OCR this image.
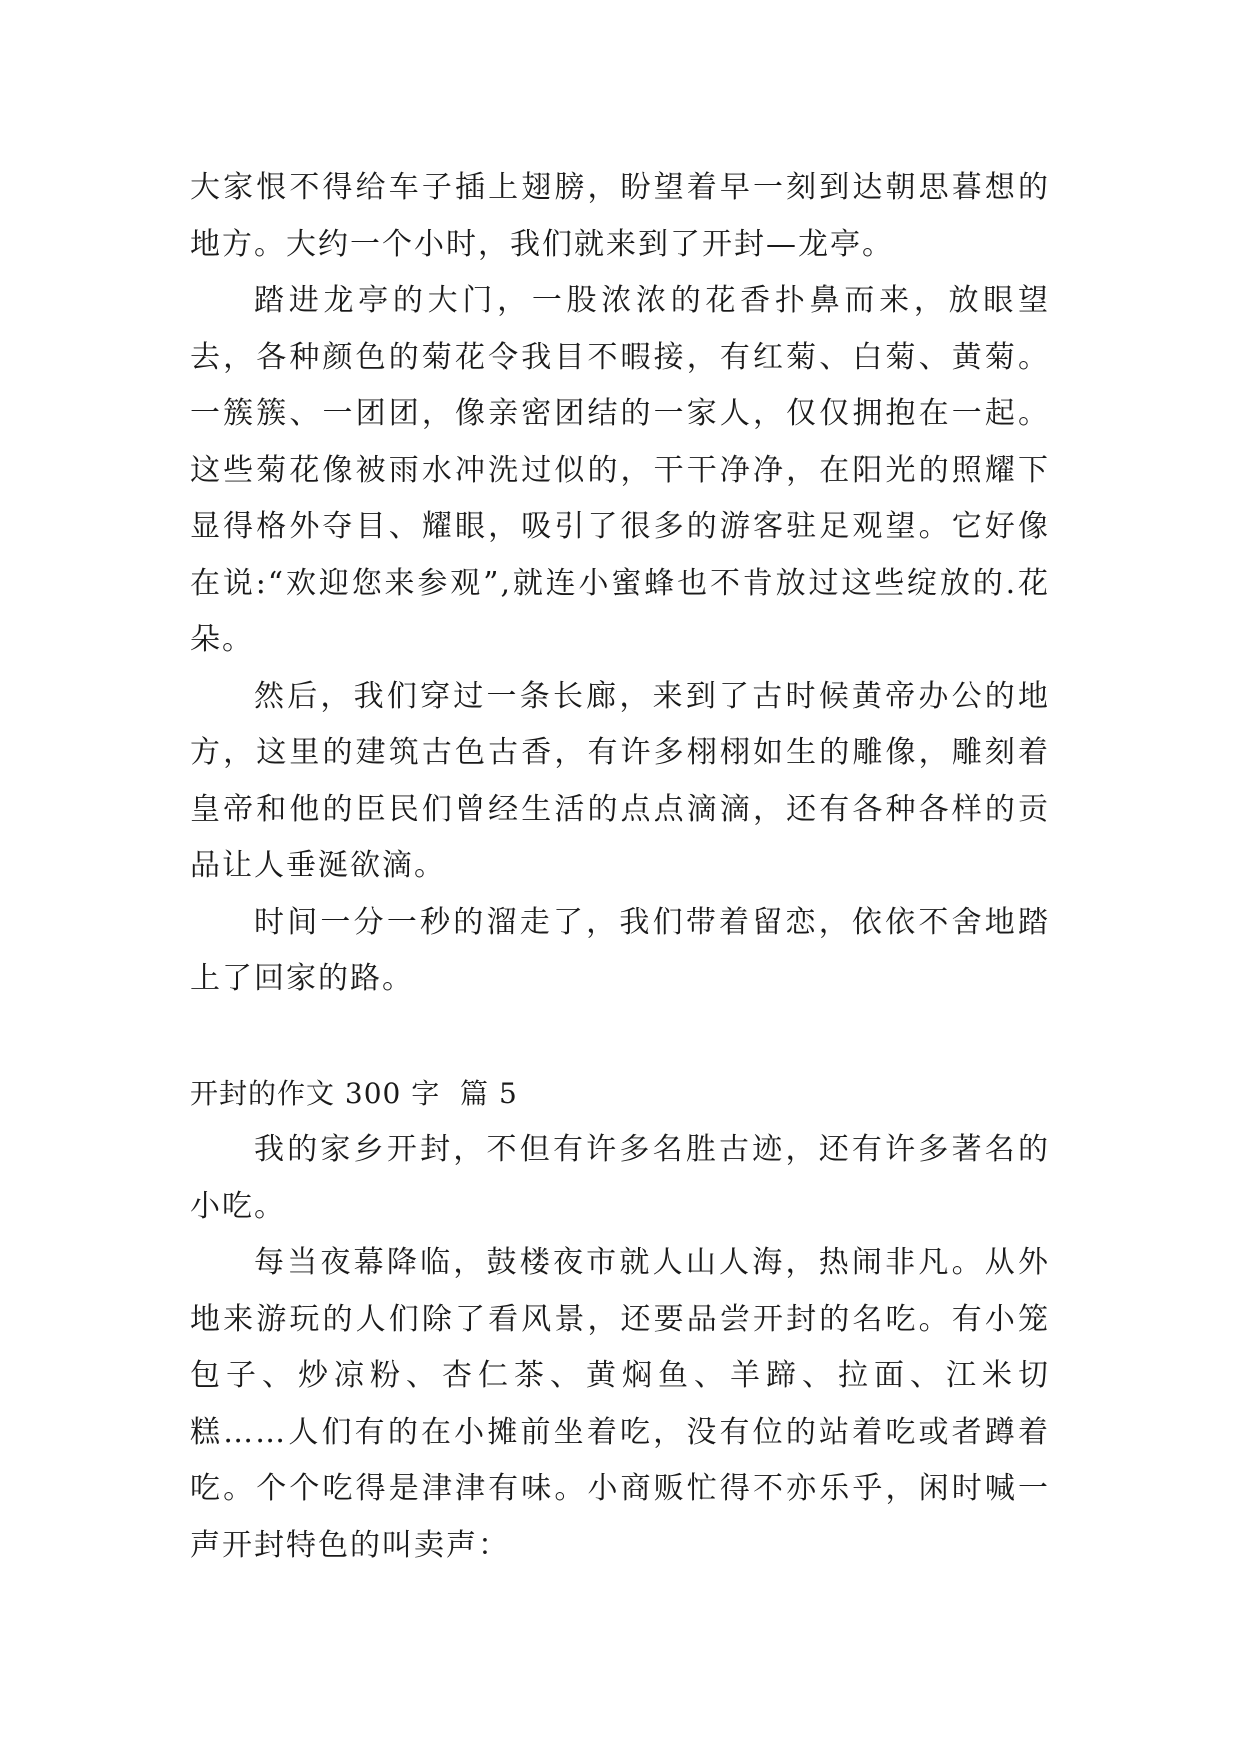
大家恨不得给车子插上翅膀，盼望着早一刻到达朝思暮想的地方。大约一个小时，我们就来到了开封—龙亭。

踏进龙亭的大门，一股浓浓的花香扑鼻而来，放眼望去，各种颜色的菊花令我目不暇接，有红菊、白菊、黄菊。一簇簇、一团团，像亲密团结的一家人，仅仅拥抱在一起。这些菊花像被雨水冲洗过似的，干干净净，在阳光的照耀下显得格外夺目、耀眼，吸引了很多的游客驻足观望。它好像在说:“欢迎您来参观”,就连小蜜蜂也不肯放过这些绽放的.花朵。

然后，我们穿过一条长廊，来到了古时候黄帝办公的地方，这里的建筑古色古香，有许多栩栩如生的雕像，雕刻着皇帝和他的臣民们曾经生活的点点滴滴，还有各种各样的贡品让人垂涎欲滴。

时间一分一秒的溜走了，我们带着留恋，依依不舍地踏上了回家的路。

开封的作文 300 字  篇 5

我的家乡开封，不但有许多名胜古迹，还有许多著名的小吃。

每当夜幕降临，鼓楼夜市就人山人海，热闹非凡。从外地来游玩的人们除了看风景，还要品尝开封的名吃。有小笼包子、炒凉粉、杏仁茶、黄焖鱼、羊蹄、拉面、江米切糕……人们有的在小摊前坐着吃，没有位的站着吃或者蹲着吃。个个吃得是津津有味。小商贩忙得不亦乐乎，闲时喊一声开封特色的叫卖声：
